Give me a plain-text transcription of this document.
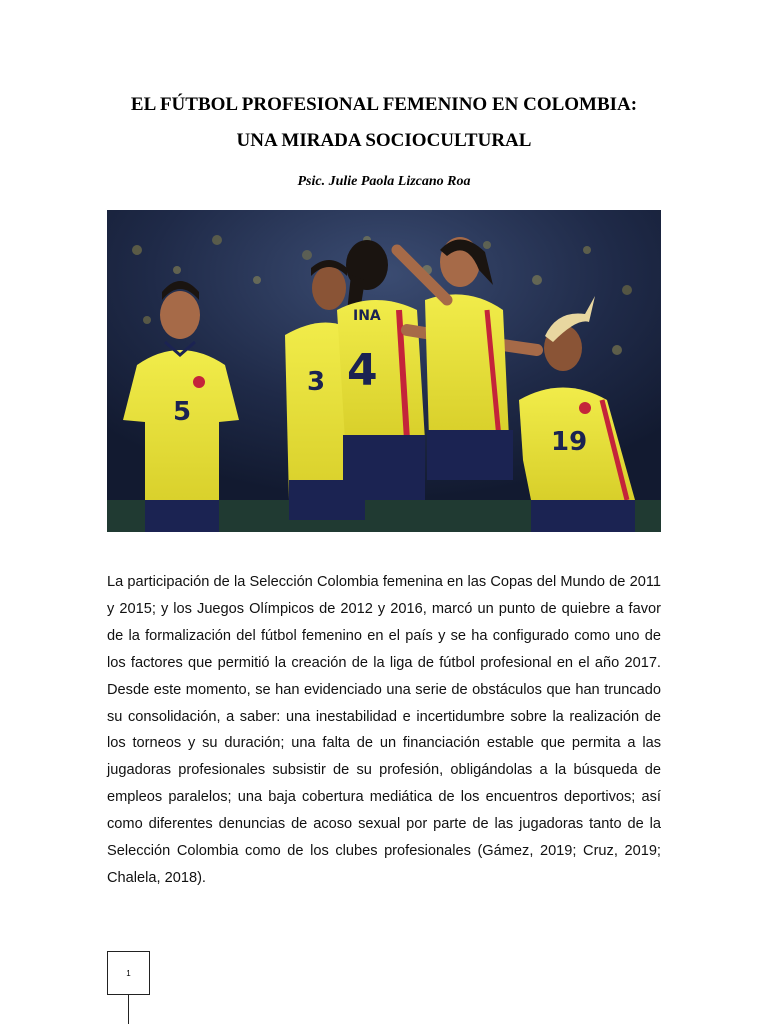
EL FÚTBOL PROFESIONAL FEMENINO EN COLOMBIA:
UNA MIRADA SOCIOCULTURAL

Psic. Julie Paola Lizcano Roa

5
3
INA
4
19

La participación de la Selección Colombia femenina en las Copas del Mundo de 2011 y 2015; y los Juegos Olímpicos de 2012 y 2016, marcó un punto de quiebre a favor de la formalización del fútbol femenino en el país y se ha configurado como uno de los factores que permitió la creación de la liga de fútbol profesional en el año 2017. Desde este momento, se han evidenciado una serie de obstáculos que han truncado su consolidación, a saber: una inestabilidad e incertidumbre sobre la realización de los torneos y su duración; una falta de un financiación estable que permita a las jugadoras profesionales subsistir de su profesión, obligándolas a la búsqueda de empleos paralelos; una baja cobertura mediática de los encuentros deportivos; así como diferentes denuncias de acoso sexual por parte de las jugadoras tanto de la Selección Colombia como de los clubes profesionales (Gámez, 2019; Cruz, 2019; Chalela, 2018).

1
